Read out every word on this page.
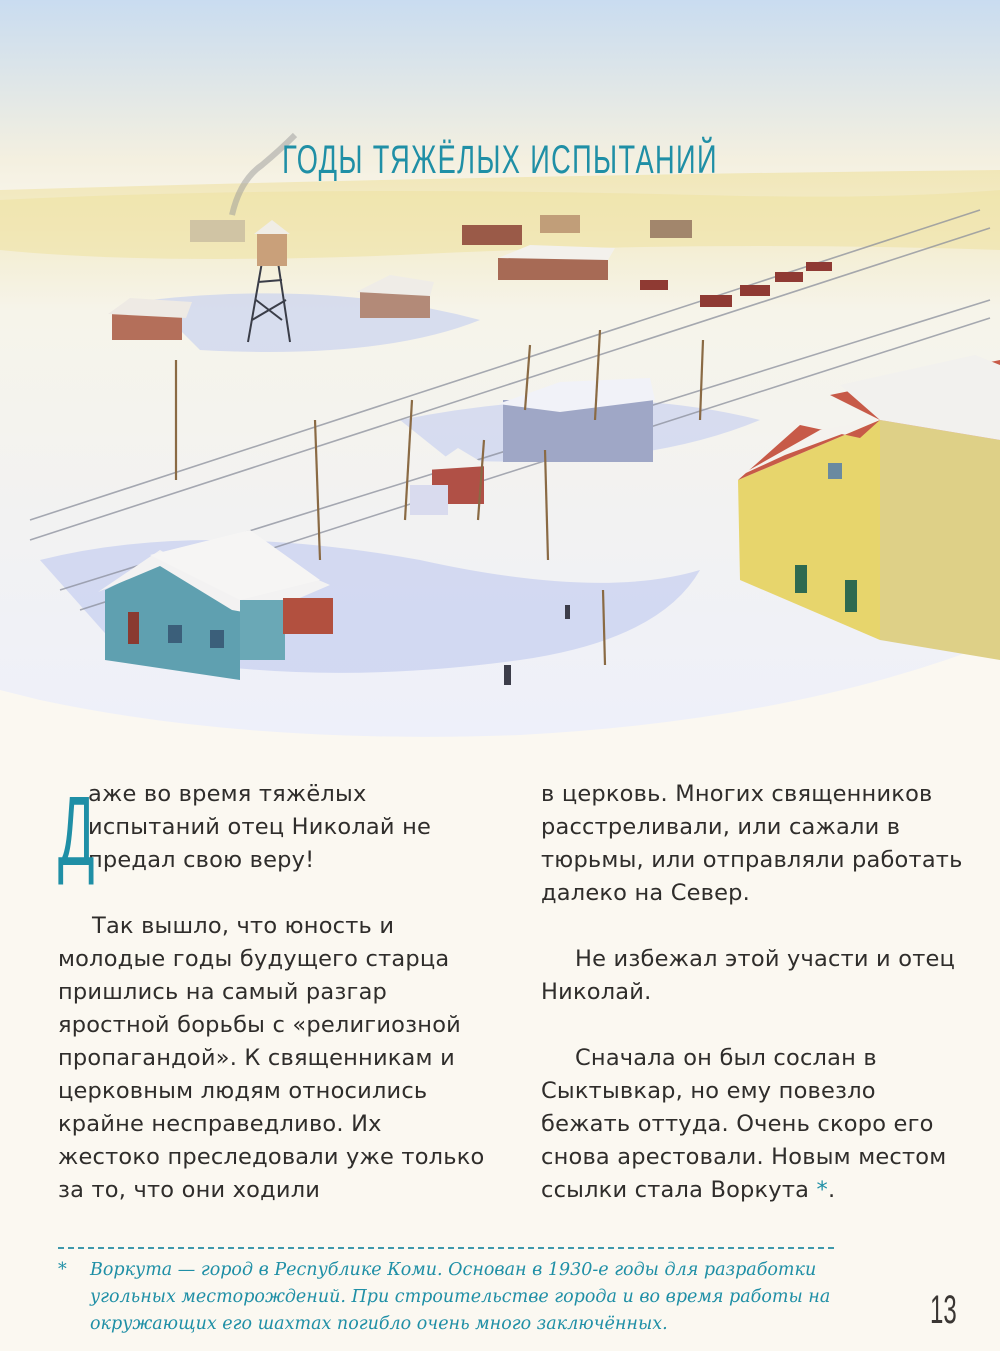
ГОДЫ ТЯЖЁЛЫХ ИСПЫТАНИЙ

Д
аже во время тяжёлых испытаний отец Николай не предал свою веру!

Так вышло, что юность и молодые годы будущего старца пришлись на самый разгар яростной борьбы с «религиозной пропагандой». К священникам и церковным людям относились крайне несправедливо. Их жестоко преследовали уже только за то, что они ходили

в церковь. Многих священников расстреливали, или сажали в тюрьмы, или отправляли работать далеко на Север.

Не избежал этой участи и отец Николай.

Сначала он был сослан в Сыктывкар, но ему повезло бежать оттуда. Очень скоро его снова арестовали. Новым местом ссылки стала Воркута *.

* Воркута — город в Республике Коми. Основан в 1930-е годы для разработки угольных месторождений. При строительстве города и во время работы на окружающих его шахтах погибло очень много заключённых.	13
